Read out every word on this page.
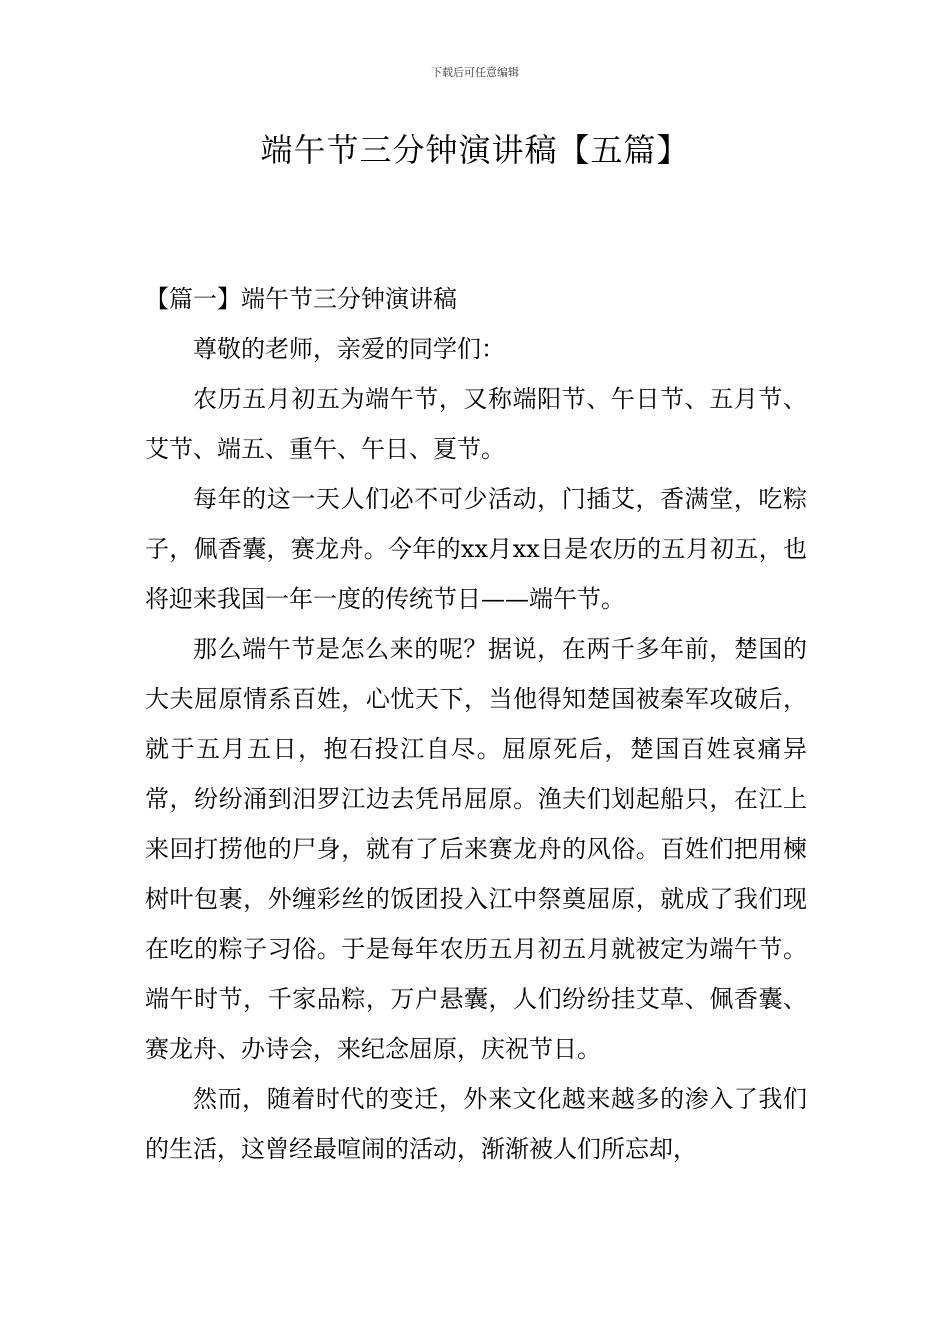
下载后可任意编辑
端午节三分钟演讲稿【五篇】

【篇一】端午节三分钟演讲稿

尊敬的老师，亲爱的同学们：

农历五月初五为端午节，又称端阳节、午日节、五月节、艾节、端五、重午、午日、夏节。

每年的这一天人们必不可少活动，门插艾，香满堂，吃粽子，佩香囊，赛龙舟。今年的xx月xx日是农历的五月初五，也将迎来我国一年一度的传统节日——端午节。

那么端午节是怎么来的呢？据说，在两千多年前，楚国的大夫屈原情系百姓，心忧天下，当他得知楚国被秦军攻破后，就于五月五日，抱石投江自尽。屈原死后，楚国百姓哀痛异常，纷纷涌到汨罗江边去凭吊屈原。渔夫们划起船只，在江上来回打捞他的尸身，就有了后来赛龙舟的风俗。百姓们把用楝树叶包裹，外缠彩丝的饭团投入江中祭奠屈原，就成了我们现在吃的粽子习俗。于是每年农历五月初五月就被定为端午节。端午时节，千家品粽，万户悬囊，人们纷纷挂艾草、佩香囊、赛龙舟、办诗会，来纪念屈原，庆祝节日。

然而，随着时代的变迁，外来文化越来越多的渗入了我们的生活，这曾经最喧闹的活动，渐渐被人们所忘却，
